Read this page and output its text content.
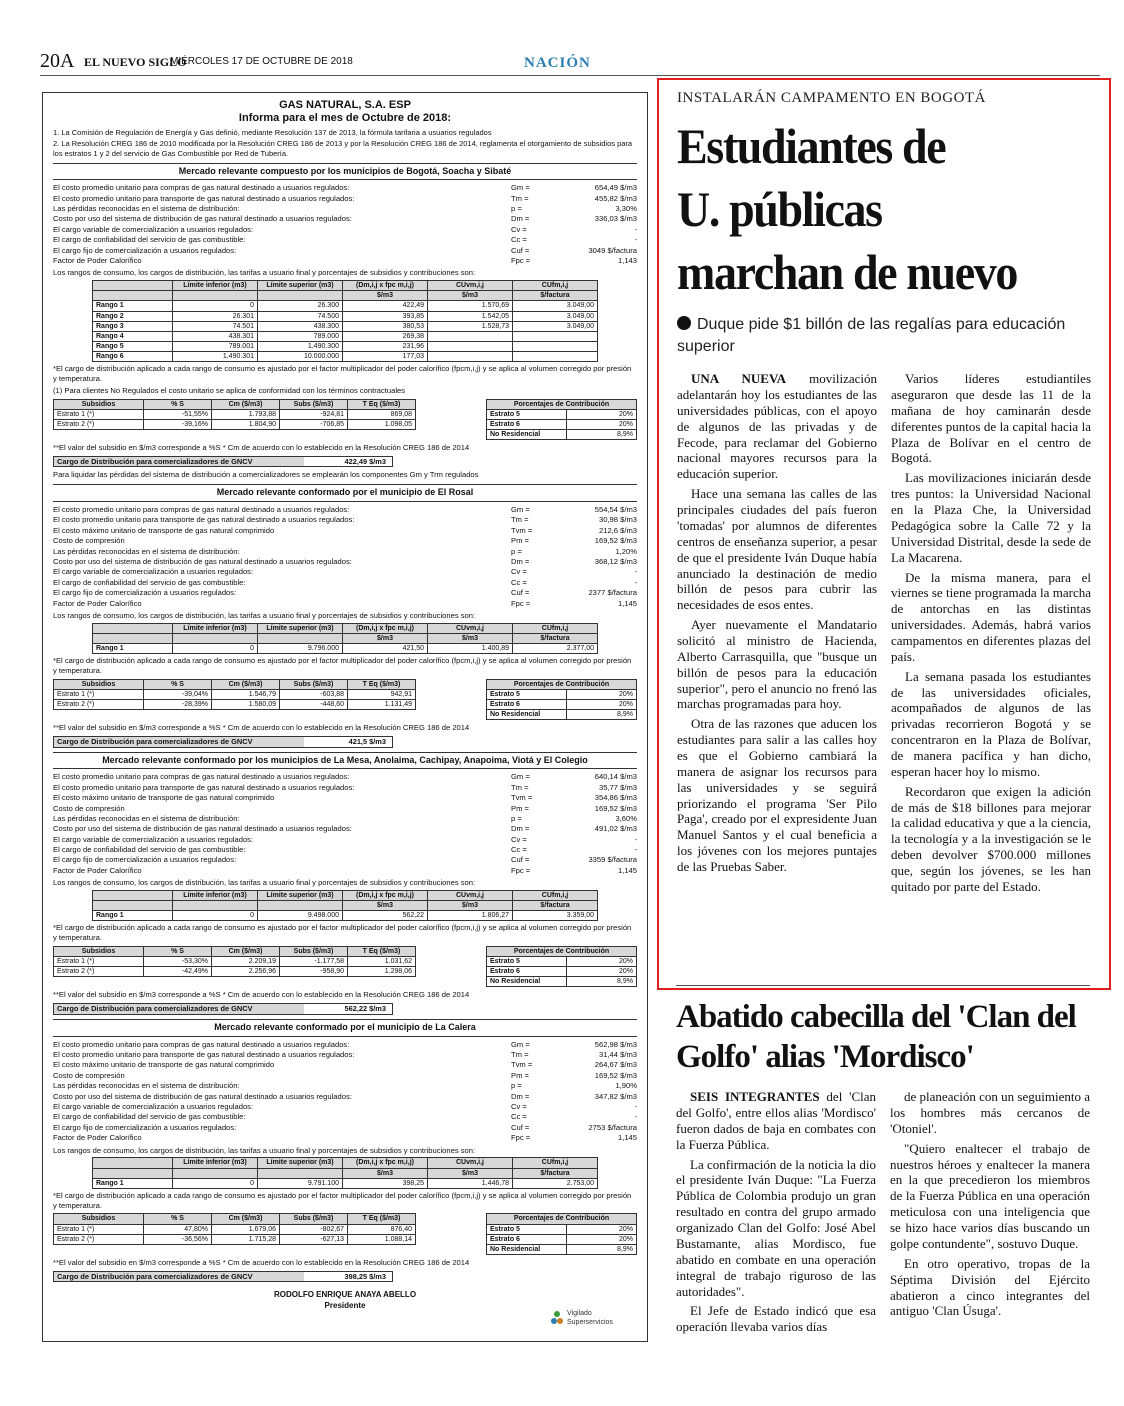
20A EL NUEVO SIGLO
MIÉRCOLES 17 DE OCTUBRE DE 2018	NACIÓN
GAS NATURAL, S.A. ESP
Informa para el mes de Octubre de 2018:
1. La Comisión de Regulación de Energía y Gas definió, mediante Resolución 137 de 2013, la fórmula tarifaria a usuarios regulados
2. La Resolución CREG 186 de 2010 modificada por la Resolución CREG 186 de 2013 y por la Resolución CREG 186 de 2014, reglamenta el otorgamiento de subsidios para los estratos 1 y 2 del servicio de Gas Combustible por Red de Tubería.
Mercado relevante compuesto por los municipios de Bogotá, Soacha y Sibaté
El costo promedio unitario para compras de gas natural destinado a usuarios regulados:	Gm =	654,49 $/m3
El costo promedio unitario para transporte de gas natural destinado a usuarios regulados:	Tm =	455,82 $/m3
Las pérdidas reconocidas en el sistema de distribución:	p =	3,30%
Costo por uso del sistema de distribución de gas natural destinado a usuarios regulados:	Dm =	336,03 $/m3
El cargo variable de comercialización a usuarios regulados:	Cv =	-
El cargo de confiabilidad del servicio de gas combustible:	Cc =	-
El cargo fijo de comercialización a usuarios regulados:	Cuf =	3049 $/factura
Factor de Poder Calorífico	Fpc =	1,143
Los rangos de consumo, los cargos de distribución, las tarifas a usuario final y porcentajes de subsidios y contribuciones son:
	Límite inferior (m3)	Límite superior (m3)	(Dm,i,j x fpc m,i,j)	CUvm,i,j	CUfm,i,j
			$/m3	$/m3	$/factura
Rango 1	0	26.300	422,49	1.570,69	3.049,00
Rango 2	26.301	74.500	393,85	1.542,05	3.049,00
Rango 3	74.501	438.300	380,53	1.528,73	3.049,00
Rango 4	438.301	789.000	269,38		
Rango 5	789.001	1.490.300	231,96		
Rango 6	1.490.301	10.000.000	177,03		
*El cargo de distribución aplicado a cada rango de consumo es ajustado por el factor multiplicador del poder calorífico (fpcm,i,j) y se aplica al volumen corregido por presión y temperatura.
(1) Para clientes No Regulados el costo unitario se aplica de conformidad con los términos contractuales
Subsidios	% S	Cm ($/m3)	Subs ($/m3)	T Eq ($/m3)
Estrato 1 (*)	-51,55%	1.793,88	-924,81	869,08
Estrato 2 (*)	-39,16%	1.804,90	-706,85	1.098,05
Porcentajes de Contribución	
Estrato 5	20%
Estrato 6	20%
No Residencial	8,9%
**El valor del subsidio en $/m3 corresponde a %S * Cm de acuerdo con lo establecido en la Resolución CREG 186 de 2014
Cargo de Distribución para comercializadores de GNCV	422,49 $/m3
Para liquidar las pérdidas del sistema de distribución a comercializadores se emplearán los componentes Gm y Trm regulados
Mercado relevante conformado por el municipio de El Rosal
El costo promedio unitario para compras de gas natural destinado a usuarios regulados:	Gm =	554,54 $/m3
El costo promedio unitario para transporte de gas natural destinado a usuarios regulados:	Tm =	30,98 $/m3
El costo máximo unitario de transporte de gas natural comprimido	Tvm =	212,6 $/m3
Costo de compresión	Pm =	169,52 $/m3
Las pérdidas reconocidas en el sistema de distribución:	p =	1,20%
Costo por uso del sistema de distribución de gas natural destinado a usuarios regulados:	Dm =	368,12 $/m3
El cargo variable de comercialización a usuarios regulados:	Cv =	-
El cargo de confiabilidad del servicio de gas combustible:	Cc =	-
El cargo fijo de comercialización a usuarios regulados:	Cuf =	2377 $/factura
Factor de Poder Calorífico	Fpc =	1,145
Los rangos de consumo, los cargos de distribución, las tarifas a usuario final y porcentajes de subsidios y contribuciones son:
	Límite inferior (m3)	Límite superior (m3)	(Dm,i,j x fpc m,i,j)	CUvm,i,j	CUfm,i,j
			$/m3	$/m3	$/factura
Rango 1	0	9.796.000	421,50	1.400,89	2.377,00
*El cargo de distribución aplicado a cada rango de consumo es ajustado por el factor multiplicador del poder calorífico (fpcm,i,j) y se aplica al volumen corregido por presión y temperatura.
Subsidios	% S	Cm ($/m3)	Subs ($/m3)	T Eq ($/m3)
Estrato 1 (*)	-39,04%	1.546,79	-603,88	942,91
Estrato 2 (*)	-28,39%	1.580,09	-448,60	1.131,49
Porcentajes de Contribución	
Estrato 5	20%
Estrato 6	20%
No Residencial	8,9%
**El valor del subsidio en $/m3 corresponde a %S * Cm de acuerdo con lo establecido en la Resolución CREG 186 de 2014
Cargo de Distribución para comercializadores de GNCV	421,5 $/m3
Mercado relevante conformado por los municipios de La Mesa, Anolaima, Cachipay, Anapoima, Viotá y El Colegio
El costo promedio unitario para compras de gas natural destinado a usuarios regulados:	Gm =	640,14 $/m3
El costo promedio unitario para transporte de gas natural destinado a usuarios regulados:	Tm =	35,77 $/m3
El costo máximo unitario de transporte de gas natural comprimido	Tvm =	354,86 $/m3
Costo de compresión	Pm =	169,52 $/m3
Las pérdidas reconocidas en el sistema de distribución:	p =	3,60%
Costo por uso del sistema de distribución de gas natural destinado a usuarios regulados:	Dm =	491,02 $/m3
El cargo variable de comercialización a usuarios regulados:	Cv =	-
El cargo de confiabilidad del servicio de gas combustible:	Cc =	-
El cargo fijo de comercialización a usuarios regulados:	Cuf =	3359 $/factura
Factor de Poder Calorífico	Fpc =	1,145
Los rangos de consumo, los cargos de distribución, las tarifas a usuario final y porcentajes de subsidios y contribuciones son:
	Límite inferior (m3)	Límite superior (m3)	(Dm,i,j x fpc m,i,j)	CUvm,i,j	CUfm,i,j
			$/m3	$/m3	$/factura
Rango 1	0	9.498.000	562,22	1.806,27	3.359,00
*El cargo de distribución aplicado a cada rango de consumo es ajustado por el factor multiplicador del poder calorífico (fpcm,i,j) y se aplica al volumen corregido por presión y temperatura.
Subsidios	% S	Cm ($/m3)	Subs ($/m3)	T Eq ($/m3)
Estrato 1 (*)	-53,30%	2.209,19	-1.177,58	1.031,62
Estrato 2 (*)	-42,49%	2.256,96	-958,90	1.298,06
Porcentajes de Contribución	
Estrato 5	20%
Estrato 6	20%
No Residencial	8,9%
**El valor del subsidio en $/m3 corresponde a %S * Cm de acuerdo con lo establecido en la Resolución CREG 186 de 2014
Cargo de Distribución para comercializadores de GNCV	562,22 $/m3
Mercado relevante conformado por el municipio de La Calera
El costo promedio unitario para compras de gas natural destinado a usuarios regulados:	Gm =	562,98 $/m3
El costo promedio unitario para transporte de gas natural destinado a usuarios regulados:	Tm =	31,44 $/m3
El costo máximo unitario de transporte de gas natural comprimido	Tvm =	264,67 $/m3
Costo de compresión	Pm =	169,52 $/m3
Las pérdidas reconocidas en el sistema de distribución:	p =	1,90%
Costo por uso del sistema de distribución de gas natural destinado a usuarios regulados:	Dm =	347,82 $/m3
El cargo variable de comercialización a usuarios regulados:	Cv =	-
El cargo de confiabilidad del servicio de gas combustible:	Cc =	-
El cargo fijo de comercialización a usuarios regulados:	Cuf =	2753 $/factura
Factor de Poder Calorífico	Fpc =	1,145
Los rangos de consumo, los cargos de distribución, las tarifas a usuario final y porcentajes de subsidios y contribuciones son:
	Límite inferior (m3)	Límite superior (m3)	(Dm,i,j x fpc m,i,j)	CUvm,i,j	CUfm,i,j
			$/m3	$/m3	$/factura
Rango 1	0	9.791.100	398,25	1.446,78	2.753,00
*El cargo de distribución aplicado a cada rango de consumo es ajustado por el factor multiplicador del poder calorífico (fpcm,i,j) y se aplica al volumen corregido por presión y temperatura.
Subsidios	% S	Cm ($/m3)	Subs ($/m3)	T Eq ($/m3)
Estrato 1 (*)	47,80%	1.679,06	-802,67	876,40
Estrato 2 (*)	-36,56%	1.715,28	-627,13	1.088,14
Porcentajes de Contribución	
Estrato 5	20%
Estrato 6	20%
No Residencial	8,9%
**El valor del subsidio en $/m3 corresponde a %S * Cm de acuerdo con lo establecido en la Resolución CREG 186 de 2014
Cargo de Distribución para comercializadores de GNCV	398,25 $/m3
RODOLFO ENRIQUE ANAYA ABELLO
Presidente
Vigilado Superservicios
INSTALARÁN CAMPAMENTO EN BOGOTÁ
Estudiantes de
U. públicas
marchan de nuevo
Duque pide $1 billón de las regalías para educación superior

UNA NUEVA movilización adelantarán hoy los estudiantes de las universidades públicas, con el apoyo de algunos de las privadas y de Fecode, para reclamar del Gobierno nacional mayores recursos para la educación superior.

Hace una semana las calles de las principales ciudades del país fueron 'tomadas' por alumnos de diferentes centros de enseñanza superior, a pesar de que el presidente Iván Duque había anunciado la destinación de medio billón de pesos para cubrir las necesidades de esos entes.

Ayer nuevamente el Mandatario solicitó al ministro de Hacienda, Alberto Carrasquilla, que "busque un billón de pesos para la educación superior", pero el anuncio no frenó las marchas programadas para hoy.

Otra de las razones que aducen los estudiantes para salir a las calles hoy es que el Gobierno cambiará la manera de asignar los recursos para las universidades y se seguirá priorizando el programa 'Ser Pilo Paga', creado por el expresidente Juan Manuel Santos y el cual beneficia a los jóvenes con los mejores puntajes de las Pruebas Saber.

Varios líderes estudiantiles aseguraron que desde las 11 de la mañana de hoy caminarán desde diferentes puntos de la capital hacia la Plaza de Bolívar en el centro de Bogotá.

Las movilizaciones iniciarán desde tres puntos: la Universidad Nacional en la Plaza Che, la Universidad Pedagógica sobre la Calle 72 y la Universidad Distrital, desde la sede de La Macarena.

De la misma manera, para el viernes se tiene programada la marcha de antorchas en las distintas universidades. Además, habrá varios campamentos en diferentes plazas del país.

La semana pasada los estudiantes de las universidades oficiales, acompañados de algunos de las privadas recorrieron Bogotá y se concentraron en la Plaza de Bolívar, de manera pacífica y han dicho, esperan hacer hoy lo mismo.

Recordaron que exigen la adición de más de $18 billones para mejorar la calidad educativa y que a la ciencia, la tecnología y a la investigación se le deben devolver $700.000 millones que, según los jóvenes, se les han quitado por parte del Estado.

Abatido cabecilla del 'Clan del Golfo' alias 'Mordisco'

SEIS INTEGRANTES del 'Clan del Golfo', entre ellos alias 'Mordisco' fueron dados de baja en combates con la Fuerza Pública.

La confirmación de la noticia la dio el presidente Iván Duque: "La Fuerza Pública de Colombia produjo un gran resultado en contra del grupo armado organizado Clan del Golfo: José Abel Bustamante, alias Mordisco, fue abatido en combate en una operación integral de trabajo riguroso de las autoridades".

El Jefe de Estado indicó que esa operación llevaba varios días

de planeación con un seguimiento a los hombres más cercanos de 'Otoniel'.

"Quiero enaltecer el trabajo de nuestros héroes y enaltecer la manera en la que precedieron los miembros de la Fuerza Pública en una operación meticulosa con una inteligencia que se hizo hace varios días buscando un golpe contundente", sostuvo Duque.

En otro operativo, tropas de la Séptima División del Ejército abatieron a cinco integrantes del antiguo 'Clan Úsuga'.
